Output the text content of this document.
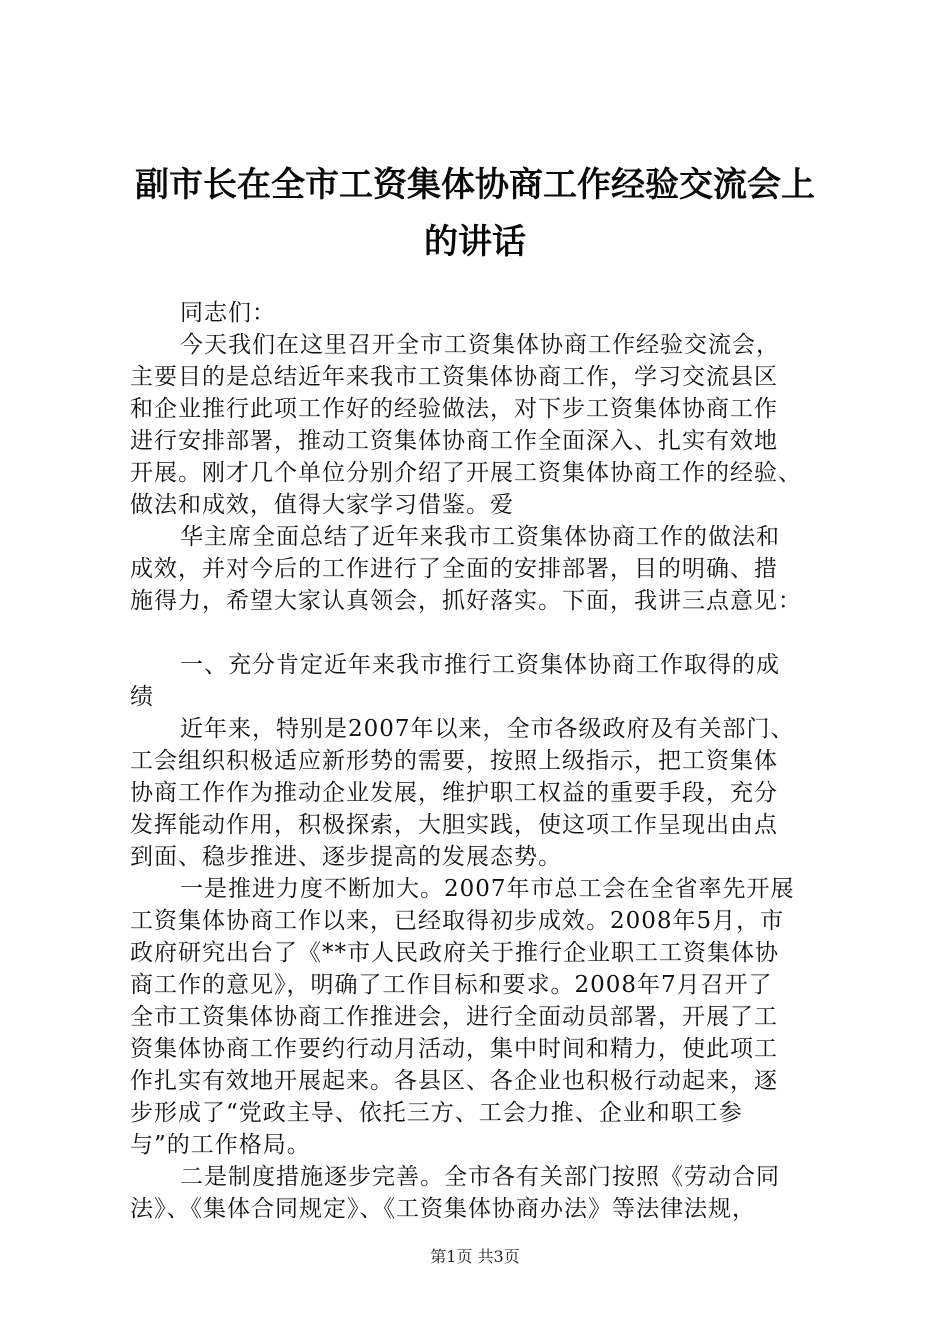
副市长在全市工资集体协商工作经验交流会上
的讲话
同志们：
今天我们在这里召开全市工资集体协商工作经验交流会，
主要目的是总结近年来我市工资集体协商工作，学习交流县区
和企业推行此项工作好的经验做法，对下步工资集体协商工作
进行安排部署，推动工资集体协商工作全面深入、扎实有效地
开展。刚才几个单位分别介绍了开展工资集体协商工作的经验、
做法和成效，值得大家学习借鉴。爱
华主席全面总结了近年来我市工资集体协商工作的做法和
成效，并对今后的工作进行了全面的安排部署，目的明确、措
施得力，希望大家认真领会，抓好落实。下面，我讲三点意见：
一、充分肯定近年来我市推行工资集体协商工作取得的成
绩
近年来，特别是2007年以来，全市各级政府及有关部门、
工会组织积极适应新形势的需要，按照上级指示，把工资集体
协商工作作为推动企业发展，维护职工权益的重要手段，充分
发挥能动作用，积极探索，大胆实践，使这项工作呈现出由点
到面、稳步推进、逐步提高的发展态势。
一是推进力度不断加大。2007年市总工会在全省率先开展
工资集体协商工作以来，已经取得初步成效。2008年5月，市
政府研究出台了《**市人民政府关于推行企业职工工资集体协
商工作的意见》，明确了工作目标和要求。2008年7月召开了
全市工资集体协商工作推进会，进行全面动员部署，开展了工
资集体协商工作要约行动月活动，集中时间和精力，使此项工
作扎实有效地开展起来。各县区、各企业也积极行动起来，逐
步形成了“党政主导、依托三方、工会力推、企业和职工参
与”的工作格局。
二是制度措施逐步完善。全市各有关部门按照《劳动合同
法》、《集体合同规定》、《工资集体协商办法》等法律法规，
第1页 共3页
